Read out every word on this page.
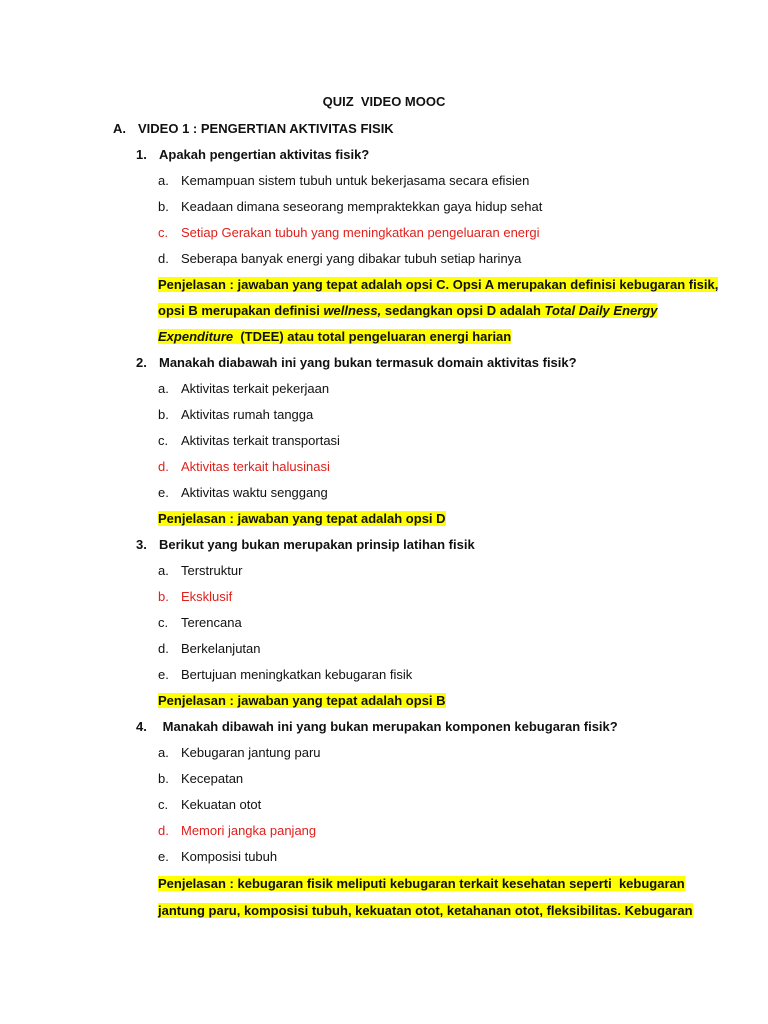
QUIZ  VIDEO MOOC
A. VIDEO 1 : PENGERTIAN AKTIVITAS FISIK
1. Apakah pengertian aktivitas fisik?
a. Kemampuan sistem tubuh untuk bekerjasama secara efisien
b. Keadaan dimana seseorang mempraktekkan gaya hidup sehat
c. Setiap Gerakan tubuh yang meningkatkan pengeluaran energi
d. Seberapa banyak energi yang dibakar tubuh setiap harinya
Penjelasan : jawaban yang tepat adalah opsi C. Opsi A merupakan definisi kebugaran fisik,
opsi B merupakan definisi wellness, sedangkan opsi D adalah Total Daily Energy
Expenditure  (TDEE) atau total pengeluaran energi harian
2. Manakah diabawah ini yang bukan termasuk domain aktivitas fisik?
a. Aktivitas terkait pekerjaan
b. Aktivitas rumah tangga
c. Aktivitas terkait transportasi
d. Aktivitas terkait halusinasi
e. Aktivitas waktu senggang
Penjelasan : jawaban yang tepat adalah opsi D
3. Berikut yang bukan merupakan prinsip latihan fisik
a. Terstruktur
b. Eksklusif
c. Terencana
d. Berkelanjutan
e. Bertujuan meningkatkan kebugaran fisik
Penjelasan : jawaban yang tepat adalah opsi B
4. Manakah dibawah ini yang bukan merupakan komponen kebugaran fisik?
a. Kebugaran jantung paru
b. Kecepatan
c. Kekuatan otot
d. Memori jangka panjang
e. Komposisi tubuh
Penjelasan : kebugaran fisik meliputi kebugaran terkait kesehatan seperti  kebugaran
jantung paru, komposisi tubuh, kekuatan otot, ketahanan otot, fleksibilitas. Kebugaran
